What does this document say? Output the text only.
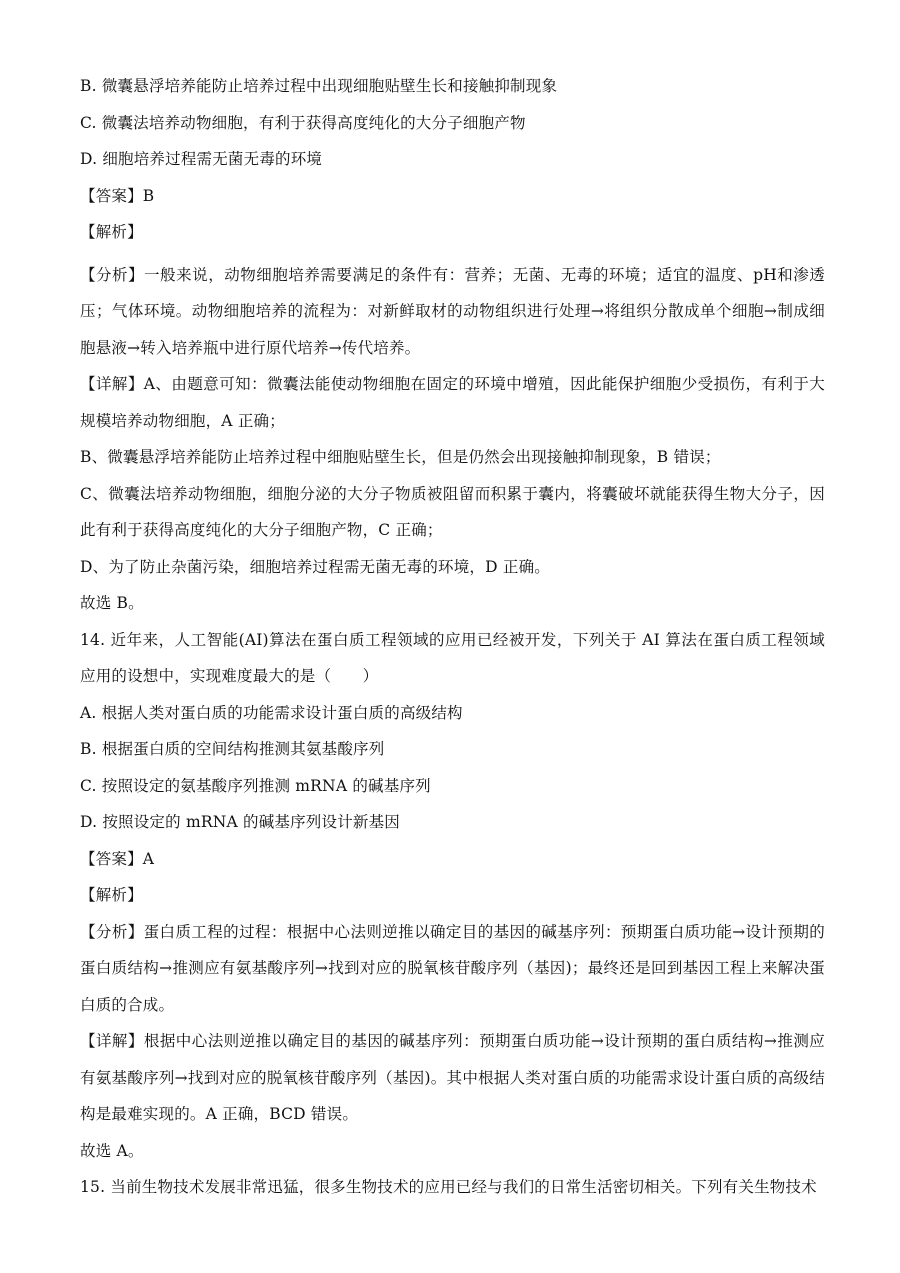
B. 微囊悬浮培养能防止培养过程中出现细胞贴壁生长和接触抑制现象
C. 微囊法培养动物细胞，有利于获得高度纯化的大分子细胞产物
D. 细胞培养过程需无菌无毒的环境
【答案】B
【解析】
【分析】一般来说，动物细胞培养需要满足的条件有：营养；无菌、无毒的环境；适宜的温度、pH和渗透压；气体环境。动物细胞培养的流程为：对新鲜取材的动物组织进行处理→将组织分散成单个细胞→制成细胞悬液→转入培养瓶中进行原代培养→传代培养。
【详解】A、由题意可知：微囊法能使动物细胞在固定的环境中增殖，因此能保护细胞少受损伤，有利于大规模培养动物细胞，A 正确；
B、微囊悬浮培养能防止培养过程中细胞贴壁生长，但是仍然会出现接触抑制现象，B 错误；
C、微囊法培养动物细胞，细胞分泌的大分子物质被阻留而积累于囊内，将囊破坏就能获得生物大分子，因此有利于获得高度纯化的大分子细胞产物，C 正确；
D、为了防止杂菌污染，细胞培养过程需无菌无毒的环境，D 正确。
故选 B。
14. 近年来，人工智能(AI)算法在蛋白质工程领域的应用已经被开发，下列关于 AI 算法在蛋白质工程领域应用的设想中，实现难度最大的是（　　）
A. 根据人类对蛋白质的功能需求设计蛋白质的高级结构
B. 根据蛋白质的空间结构推测其氨基酸序列
C. 按照设定的氨基酸序列推测 mRNA 的碱基序列
D. 按照设定的 mRNA 的碱基序列设计新基因
【答案】A
【解析】
【分析】蛋白质工程的过程：根据中心法则逆推以确定目的基因的碱基序列：预期蛋白质功能→设计预期的蛋白质结构→推测应有氨基酸序列→找到对应的脱氧核苷酸序列（基因)；最终还是回到基因工程上来解决蛋白质的合成。
【详解】根据中心法则逆推以确定目的基因的碱基序列：预期蛋白质功能→设计预期的蛋白质结构→推测应有氨基酸序列→找到对应的脱氧核苷酸序列（基因)。其中根据人类对蛋白质的功能需求设计蛋白质的高级结构是最难实现的。A 正确，BCD 错误。
故选 A。
15. 当前生物技术发展非常迅猛，很多生物技术的应用已经与我们的日常生活密切相关。下列有关生物技术
